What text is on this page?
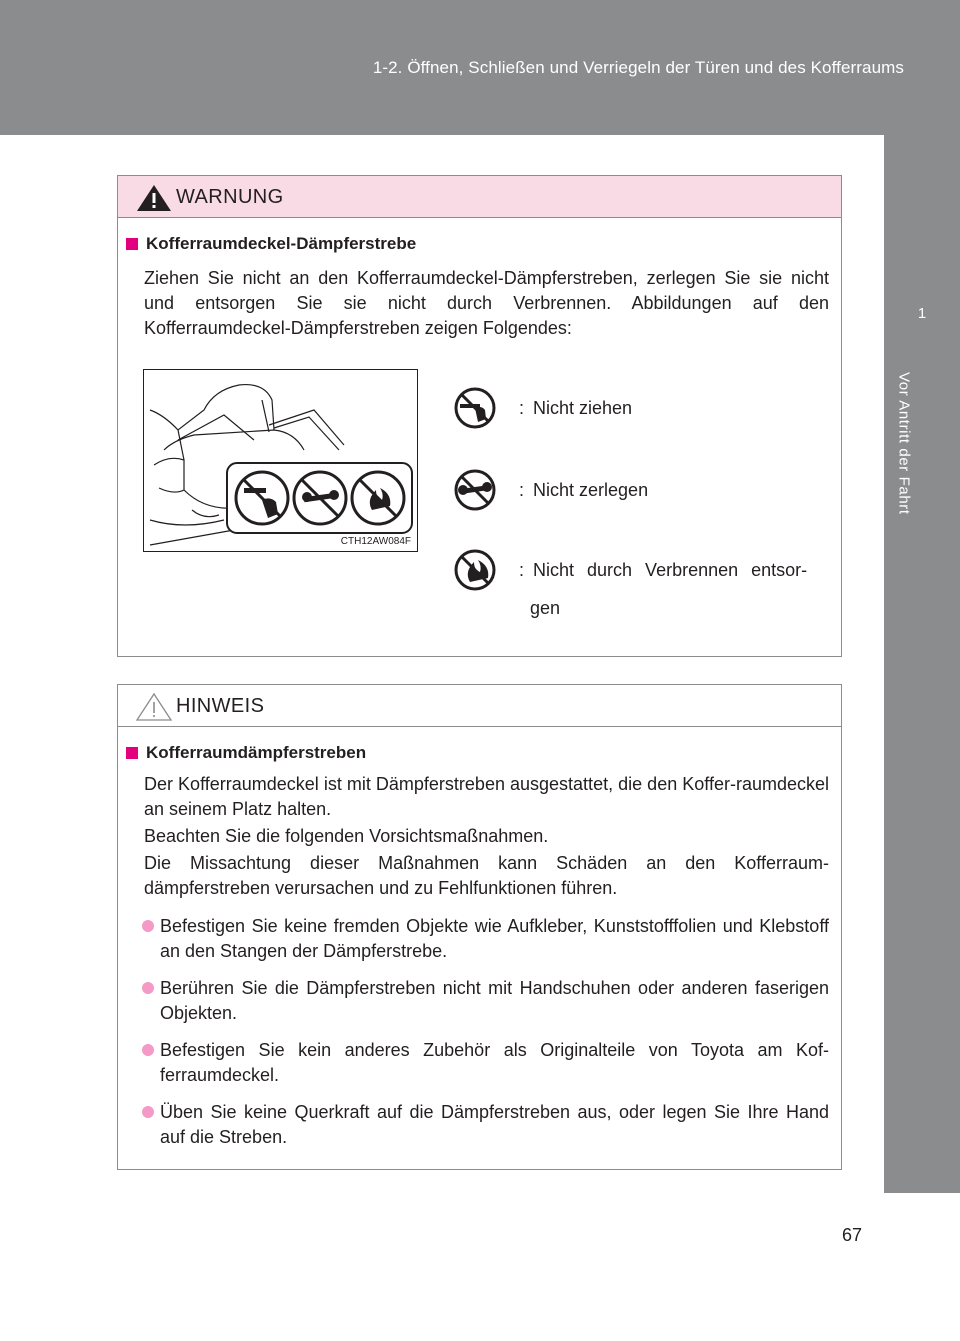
1-2. Öffnen, Schließen und Verriegeln der Türen und des Kofferraums
1
Vor Antritt der Fahrt
WARNUNG
Kofferraumdeckel-Dämpferstrebe
Ziehen Sie nicht an den Kofferraumdeckel-Dämpferstreben, zerlegen Sie sie nicht und entsorgen Sie sie nicht durch Verbrennen. Abbildungen auf den Kofferraumdeckel-Dämpferstreben zeigen Folgendes:
CTH12AW084F
: Nicht ziehen
: Nicht zerlegen
: Nicht durch Verbrennen entsor-
gen
HINWEIS
Kofferraumdämpferstreben
Der Kofferraumdeckel ist mit Dämpferstreben ausgestattet, die den Koffer-raumdeckel an seinem Platz halten.
Beachten Sie die folgenden Vorsichtsmaßnahmen.
Die Missachtung dieser Maßnahmen kann Schäden an den Kofferraum-dämpferstreben verursachen und zu Fehlfunktionen führen.
Befestigen Sie keine fremden Objekte wie Aufkleber, Kunststofffolien und Klebstoff an den Stangen der Dämpferstrebe.
Berühren Sie die Dämpferstreben nicht mit Handschuhen oder anderen faserigen Objekten.
Befestigen Sie kein anderes Zubehör als Originalteile von Toyota am Kof-ferraumdeckel.
Üben Sie keine Querkraft auf die Dämpferstreben aus, oder legen Sie Ihre Hand auf die Streben.
67
